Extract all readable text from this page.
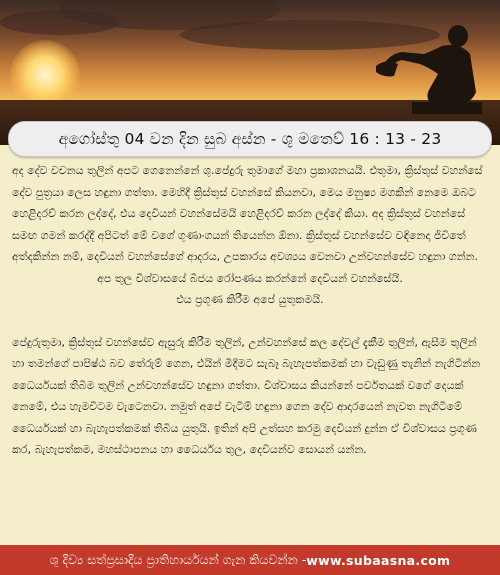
අගෝස්තු 04 වන දින සුබ අස්න - ශු මතෙව් 16 : 13 - 23

අද දේව වචනය තුලින් අපට ගෙනෙන්නේ ශු.පේදුරු තුමාගේ මහා ප්‍රකාශනයයි. එතුමා, ක්‍රිස්තුස් වහන්සේ දේව පුත්‍රයා ලෙස හඳුනා ගත්තා. මෙහිදී ක්‍රිස්තුස් වහන්සේ කියනවා, මෙය මනුෂ්‍ය මගකින් නෙමෙ ඔබට හෙළිදරව් කරන ලද්දේ, එය දෙවියන් වහන්සේමයි හෙළිදරව් කරන ලද්දේ කියා. අද ක්‍රිස්තුස් වහන්සේ සමඟ ගමන් කරද්දී අපිටත් මේ වගේ ගුණාංගයන් තියෙන්න ඕනා. ක්‍රිස්තුස් වහන්සේව වඳිනෙදා ජිවිතේ අත්දකින්න නම්, දෙවියන් වහන්සේගේ ආදරය, උපකාරය අවශ්‍යය වෙනවා උන්වහන්සේව හඳුනා ගන්න.

අප තුල විශ්වාසයේ බීජය රෝපණය කරන්නේ දෙවියන් වහන්සේයි.

එය ප්‍රගුණ කිරීම අපේ යුතුකමයි.

පේදුරුතුමා, ක්‍රිස්තුස් වහන්සේව ඇසුරු කිරීම තුලින්, උන්වහන්සේ කල දේවල් දැකීම තුලින්, ඇසීම තුලින් හා තමන්ගේ පාපිෂ්ඨ බව තේරුම් ගෙන, එයින් මිදීමට සැබෑ බැහැපත්කමක් හා වැඩුණු තැනින් නැගිටින්න ධෛර්යයක් තිබීම තුලින් උන්වහන්සේව හඳුනා ගත්තා. විශ්වාසය කියන්නේ පර්වතයක් වගේ දෙයක් නෙමේ, එය හැමවිටම වැටෙනවා. නමුත් අපේ වැටීම් හඳුනා ගෙන දේව ආදාරයෙන් නැවත නැගිටීමේ ධෛර්යයක් හා බැහැපත්කමක් තිබිය යුතුයි. ඉතින් අපි උත්සහ කරමු දෙවියන් දුන්න ඒ විශ්වාසය ප්‍රගුණ කර, බැහැපත්කම, මහස්ථාපනය හා ධෛර්යය තුල, දෙවියන්ව සොයන් යන්න.

ශු දිව්‍ය සත්ප්‍රසාදිය ප්‍රාතිහාර්යයන් ගැන කියවන්න - www.subaasna.com
